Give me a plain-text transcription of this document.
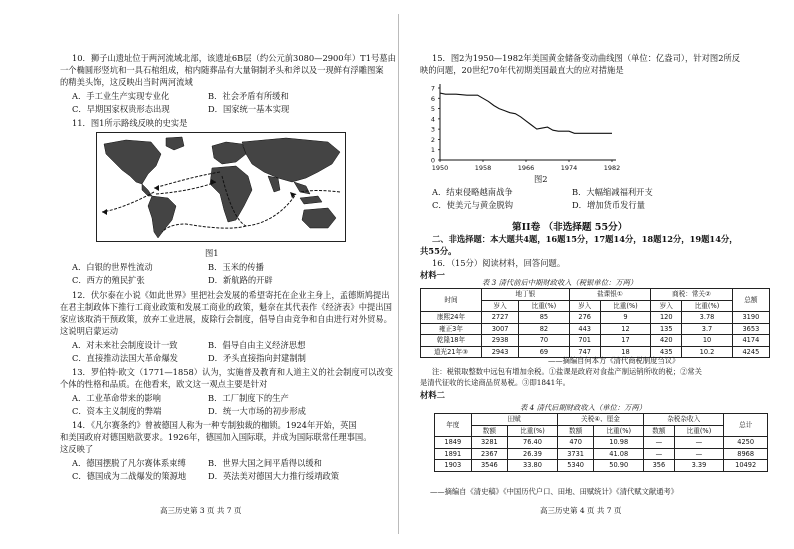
10．狮子山遗址位于两河流域北部，该遗址6B层（约公元前3080—2900年）T1号墓由
一个椭圆形竖坑和一具石棺组成，棺内随葬品有大量铜制矛头和斧以及一现鲜有浮雕图案
的精美头饰，这反映出当时两河流域
A．手工业生产实现专业化	B．社会矛盾有所缓和
C．早期国家权贵形态出现	D．国家统一基本实现
11．图1所示路线反映的史实是
图1
A．白银的世界性流动	B．玉米的传播
C．西方的殖民扩张	D．新航路的开辟
12．伏尔泰在小说《如此世界》里把社会发展的希望寄托在企业主身上，孟德斯鸠提出
在君主制政体下推行工商业政策和发展工商业的政策，魁奈在其代表作《经济表》中提出国
家应该取消干预政策，放弃工业进展，废除行会制度，倡导自由竞争和自由进行对外贸易。
这说明启蒙运动
A．对未来社会制度设计一致	B．倡导自由主义经济思想
C．直接推动法国大革命爆发	D．矛头直接指向封建制制
13．罗伯特·欧文（1771—1858）认为，实施普及教育和人道主义的社会制度可以改变
个体的性格和品质。在他看来，欧文这一观点主要是针对
A．工业革命带来的影响	B．工厂制度下的生产
C．资本主义制度的弊端	D．统一大市场的初步形成
14．《凡尔赛条约》曾被德国人称为一种专制独裁的枷锁。1924年开始，英国
和美国政府对德国赔款要求。1926年，德国加入国际联，并成为国际联常任理事国。
这反映了
A．德国摆脱了凡尔赛体系束缚	B．世界大国之间平盾得以缓和
C．德国成为二战爆发的策源地	D．英法美对德国大力推行绥靖政策
高三历史第 3 页 共 7 页
15．图2为1950—1982年美国黄金储备变动曲线图（单位：亿盎司），针对图2所反
映的问题，20世纪70年代初期美国最直大的应对措施是
0
1
2
3
4
5
6
7
1950	1958	1966	1974	1982
图2
A．结束侵略越南战争	B．大幅缩减福利开支
C．使美元与黄金脱钩	D．增加货币发行量
第II卷 （非选择题 55分）
二、非选择题：本大题共4题，16题15分，17题14分，18题12分，19题14分，
共55分。
16．（15分）阅读材料，回答问题。
材料一
表 3 清代前后中期财政收入（税银单位：万两）
时间	地丁银		盐课银①		商税：常关②		总额
	岁入	比重(%)	岁入	比重(%)	岁入	比重(%)	
康熙24年	2727	85	276	9	120	3.78	3190
雍正3年	3007	82	443	12	135	3.7	3653
乾隆18年	2938	70	701	17	420	10	4174
道光21年③	2943	69	747	18	435	10.2	4245
——摘编自何本方《清代商税制度刍议》
注：税银取整数中远包有增加余税。①盐课是政府对食盐产制运销所收的税；②常关
是清代征收的长途商品贸易税。③即1841年。
材料二
表 4 清代后期财政收入（单位：万两）
年度	田赋		关税④、厘金		杂税杂收入		总计
	数额	比重(%)	数额	比重(%)	数额	比重(%)	
1849	3281	76.40	470	10.98	—	—	4250
1891	2367	26.39	3731	41.08	—	—	8968
1903	3546	33.80	5340	50.90	356	3.39	10492
——摘编自《清史稿》《中国历代户口、田地、田赋统计》《清代赋文献通考》
高三历史第 4 页 共 7 页
